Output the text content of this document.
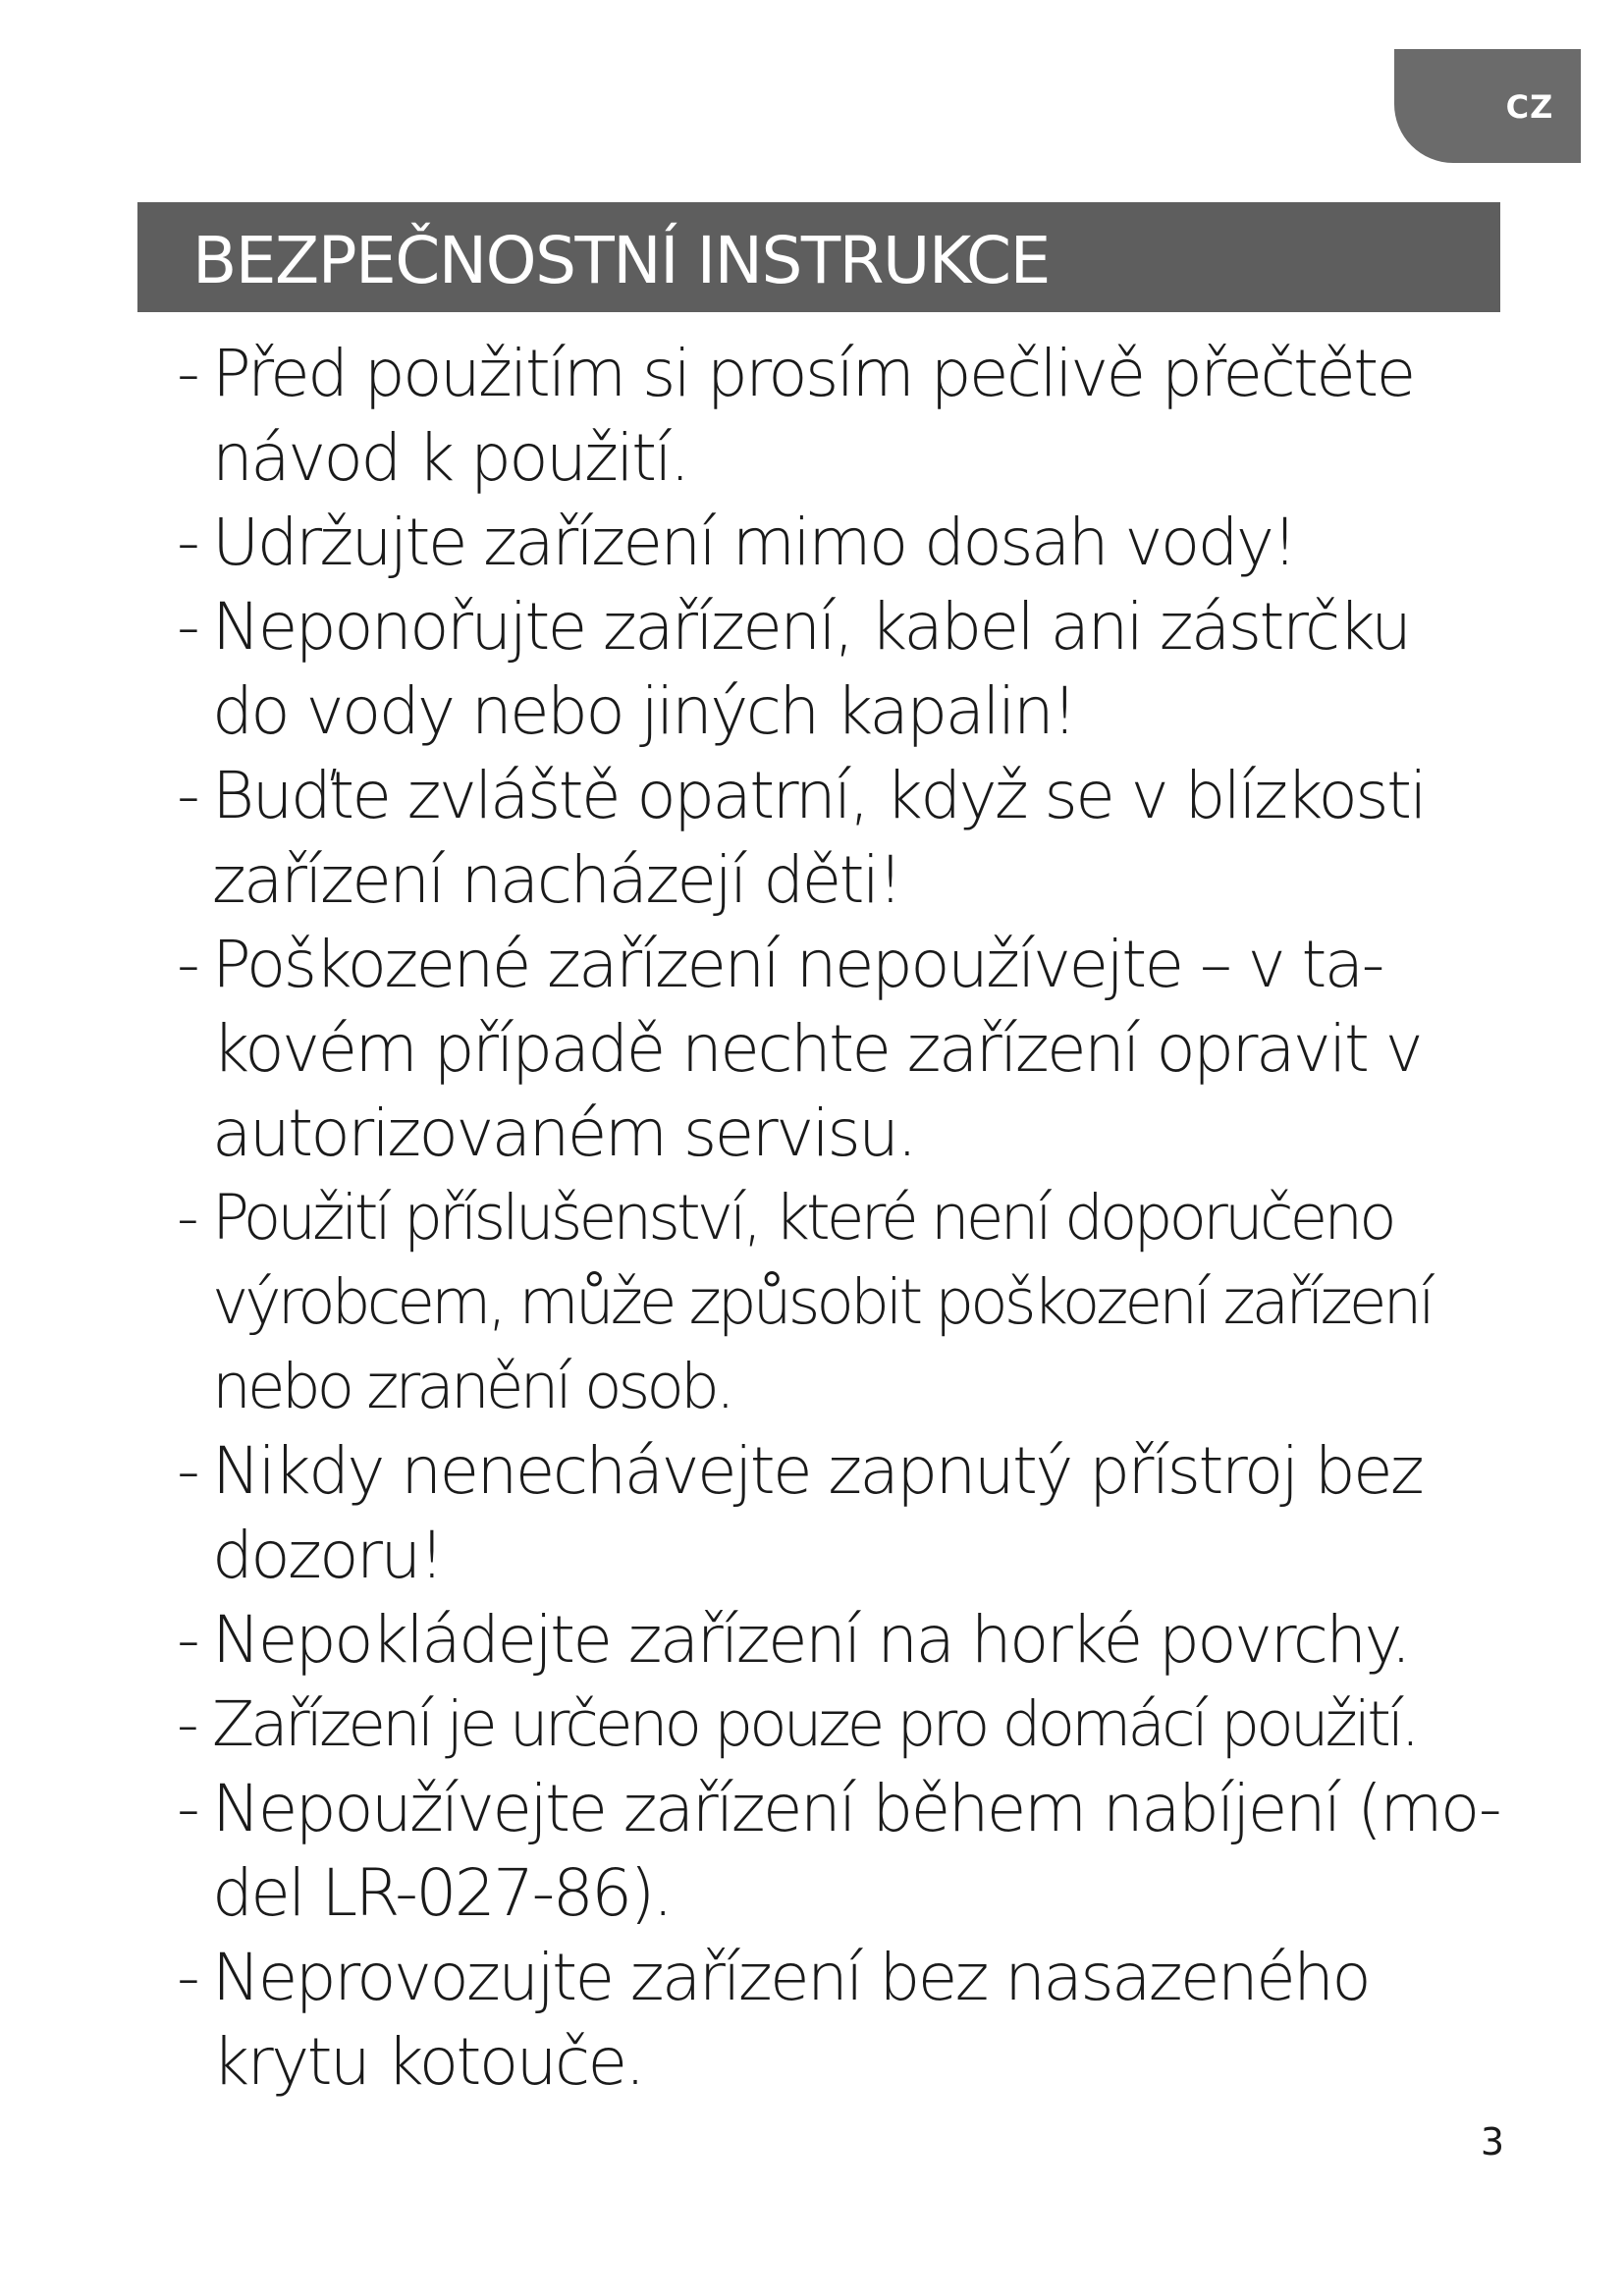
CZ
BEZPEČNOSTNÍ INSTRUKCE
- Před použitím si prosím pečlivě přečtěte
návod k použití.
- Udržujte zařízení mimo dosah vody!
- Neponořujte zařízení, kabel ani zástrčku
do vody nebo jiných kapalin!
- Buďte zvláště opatrní, když se v blízkosti
zařízení nacházejí děti!
- Poškozené zařízení nepoužívejte – v ta-
kovém případě nechte zařízení opravit v
autorizovaném servisu.
- Použití příslušenství, které není doporučeno
výrobcem, může způsobit poškození zařízení
nebo zranění osob.
- Nikdy nenechávejte zapnutý přístroj bez
dozoru!
- Nepokládejte zařízení na horké povrchy.
- Zařízení je určeno pouze pro domácí použití.
- Nepoužívejte zařízení během nabíjení (mo-
del LR-027-86).
- Neprovozujte zařízení bez nasazeného
krytu kotouče.
3
